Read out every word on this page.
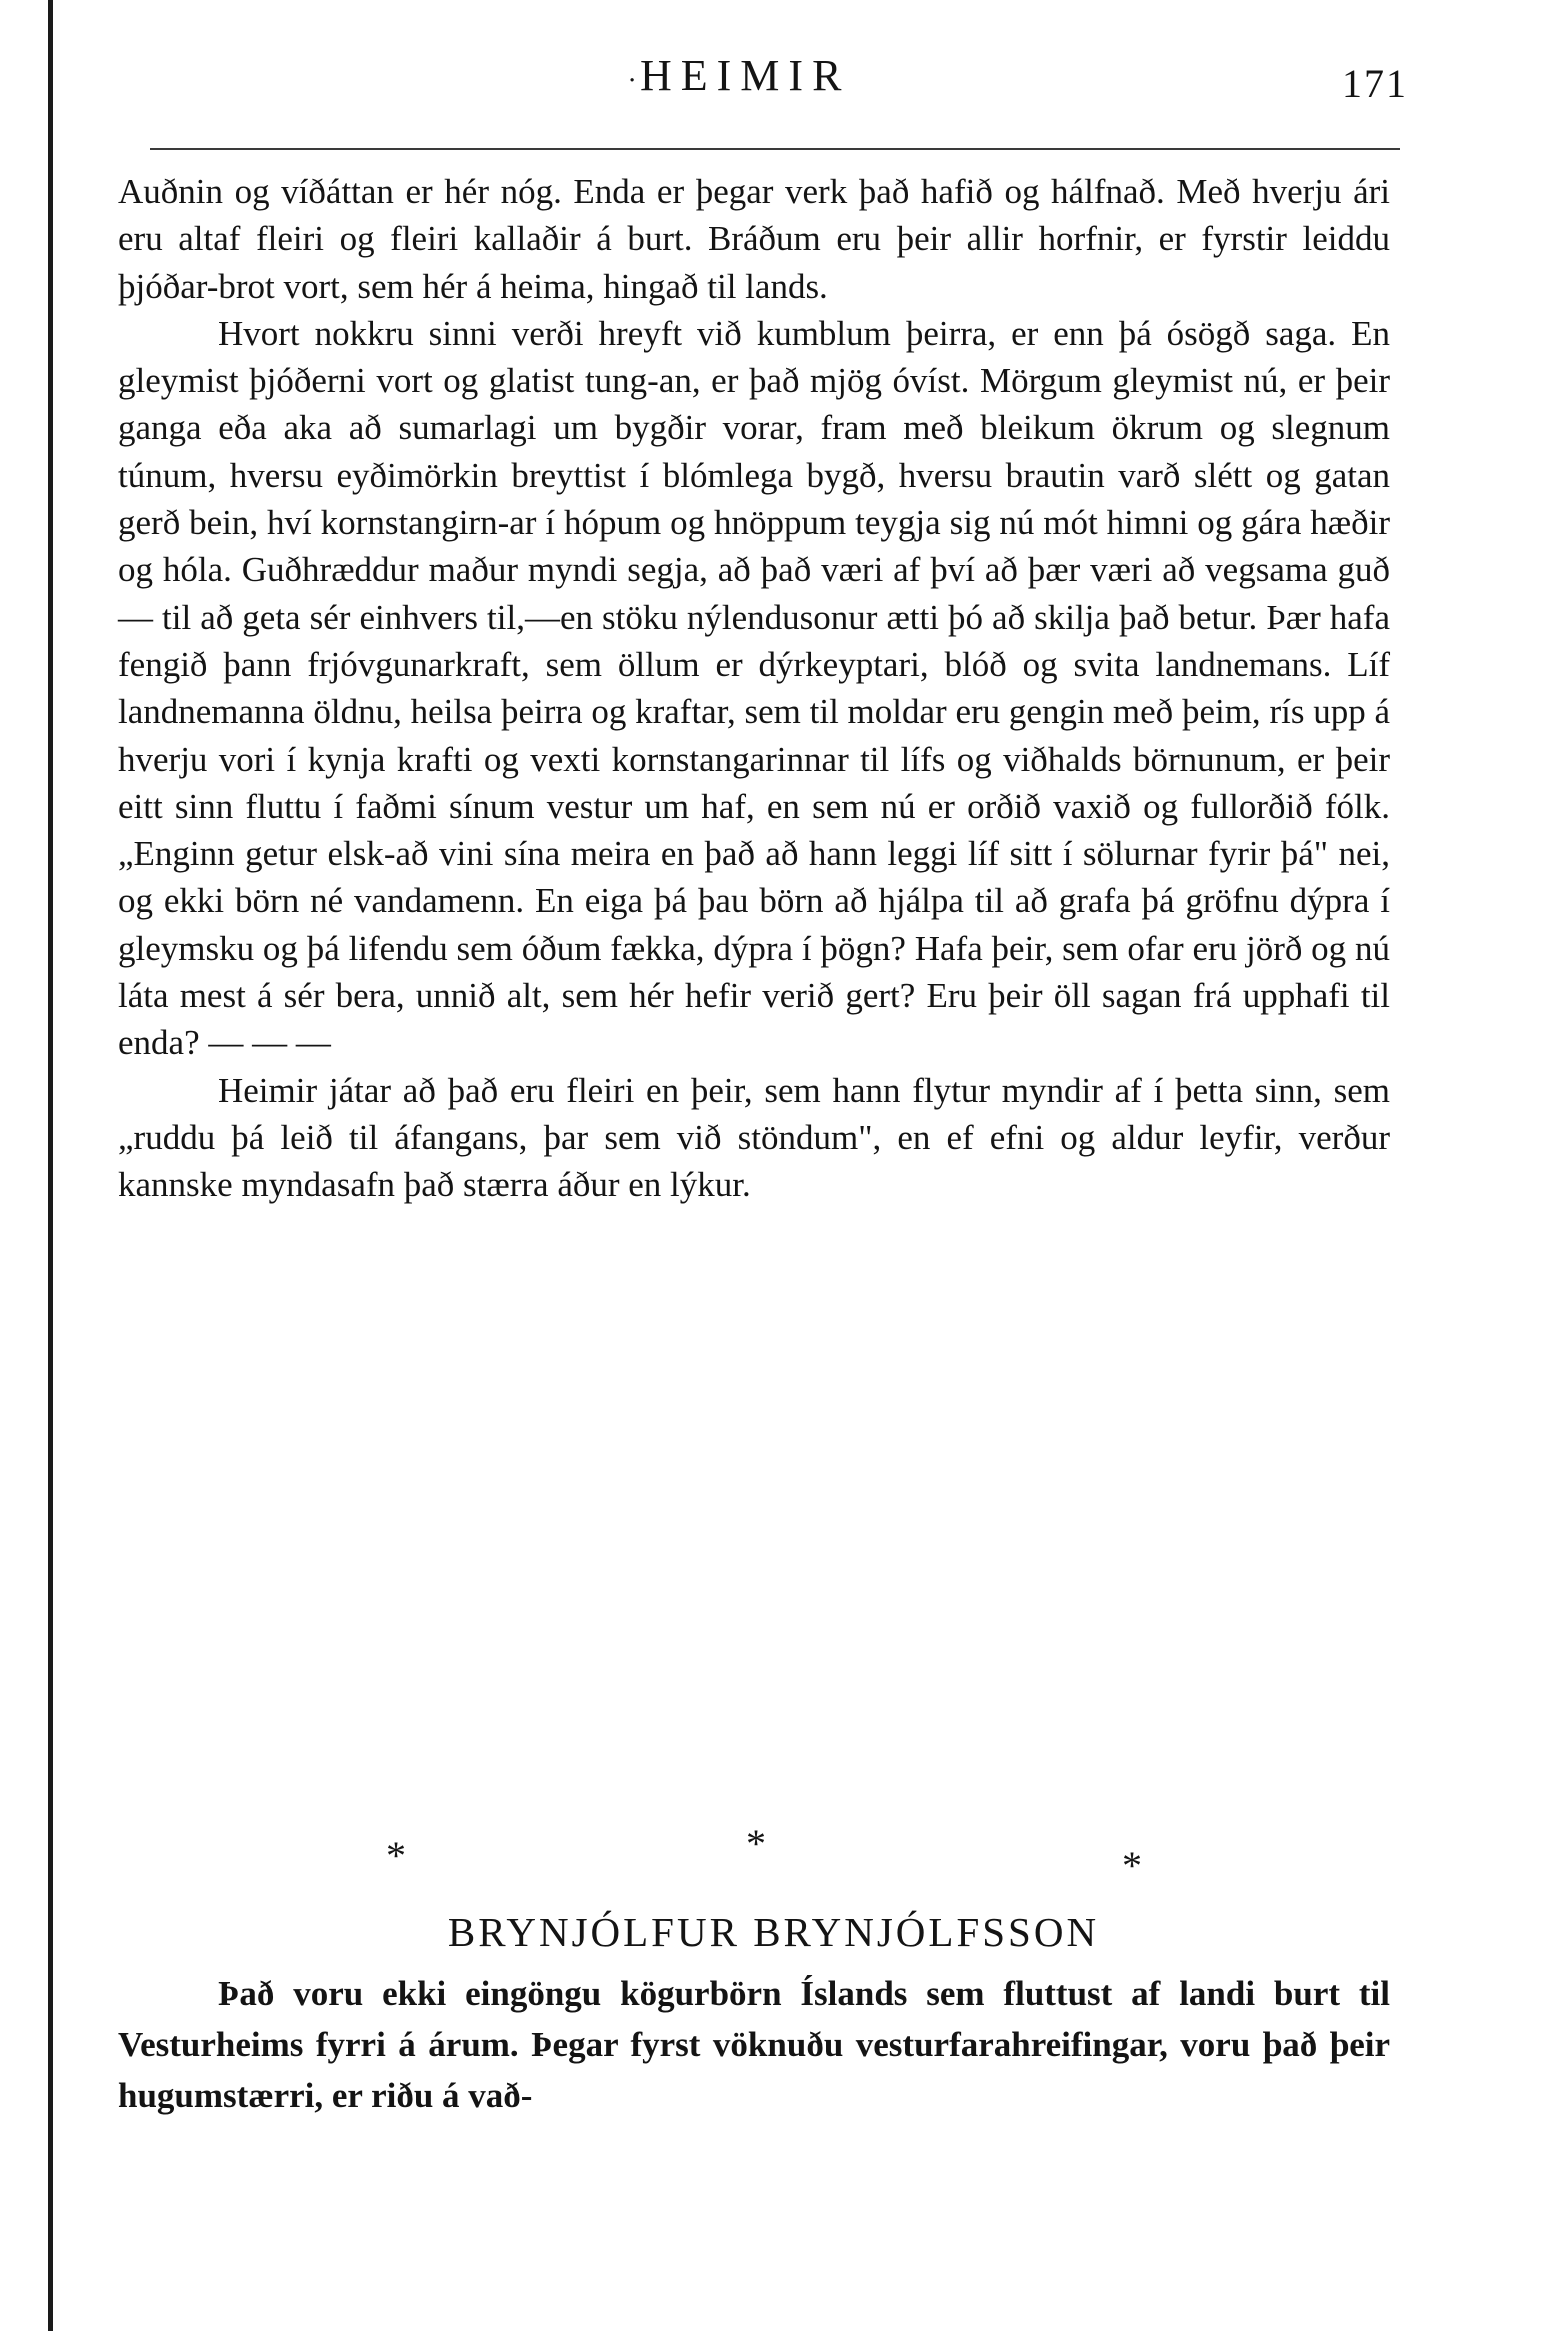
· HEIMIR	171

Auðnin og víðáttan er hér nóg. Enda er þegar verk það hafið og hálfnað. Með hverju ári eru altaf fleiri og fleiri kallaðir á burt. Bráðum eru þeir allir horfnir, er fyrstir leiddu þjóðar-brot vort, sem hér á heima, hingað til lands.

Hvort nokkru sinni verði hreyft við kumblum þeirra, er enn þá ósögð saga. En gleymist þjóðerni vort og glatist tung-an, er það mjög óvíst. Mörgum gleymist nú, er þeir ganga eða aka að sumarlagi um bygðir vorar, fram með bleikum ökrum og slegnum túnum, hversu eyðimörkin breyttist í blómlega bygð, hversu brautin varð slétt og gatan gerð bein, hví kornstangirn-ar í hópum og hnöppum teygja sig nú mót himni og gára hæðir og hóla. Guðhræddur maður myndi segja, að það væri af því að þær væri að vegsama guð— til að geta sér einhvers til,—en stöku nýlendusonur ætti þó að skilja það betur. Þær hafa fengið þann frjóvgunarkraft, sem öllum er dýrkeyptari, blóð og svita landnemans. Líf landnemanna öldnu, heilsa þeirra og kraftar, sem til moldar eru gengin með þeim, rís upp á hverju vori í kynja krafti og vexti kornstangarinnar til lífs og viðhalds börnunum, er þeir eitt sinn fluttu í faðmi sínum vestur um haf, en sem nú er orðið vaxið og fullorðið fólk. „Enginn getur elsk-að vini sína meira en það að hann leggi líf sitt í sölurnar fyrir þá" nei, og ekki börn né vandamenn. En eiga þá þau börn að hjálpa til að grafa þá gröfnu dýpra í gleymsku og þá lifendu sem óðum fækka, dýpra í þögn? Hafa þeir, sem ofar eru jörð og nú láta mest á sér bera, unnið alt, sem hér hefir verið gert? Eru þeir öll sagan frá upphafi til enda? — — —

Heimir játar að það eru fleiri en þeir, sem hann flytur myndir af í þetta sinn, sem „ruddu þá leið til áfangans, þar sem við stöndum", en ef efni og aldur leyfir, verður kannske myndasafn það stærra áður en lýkur.

*	*	*
BRYNJÓLFUR BRYNJÓLFSSON

Það voru ekki eingöngu kögurbörn Íslands sem fluttust af landi burt til Vesturheims fyrri á árum. Þegar fyrst vöknuðu vesturfarahreifingar, voru það þeir hugumstærri, er riðu á vað-
